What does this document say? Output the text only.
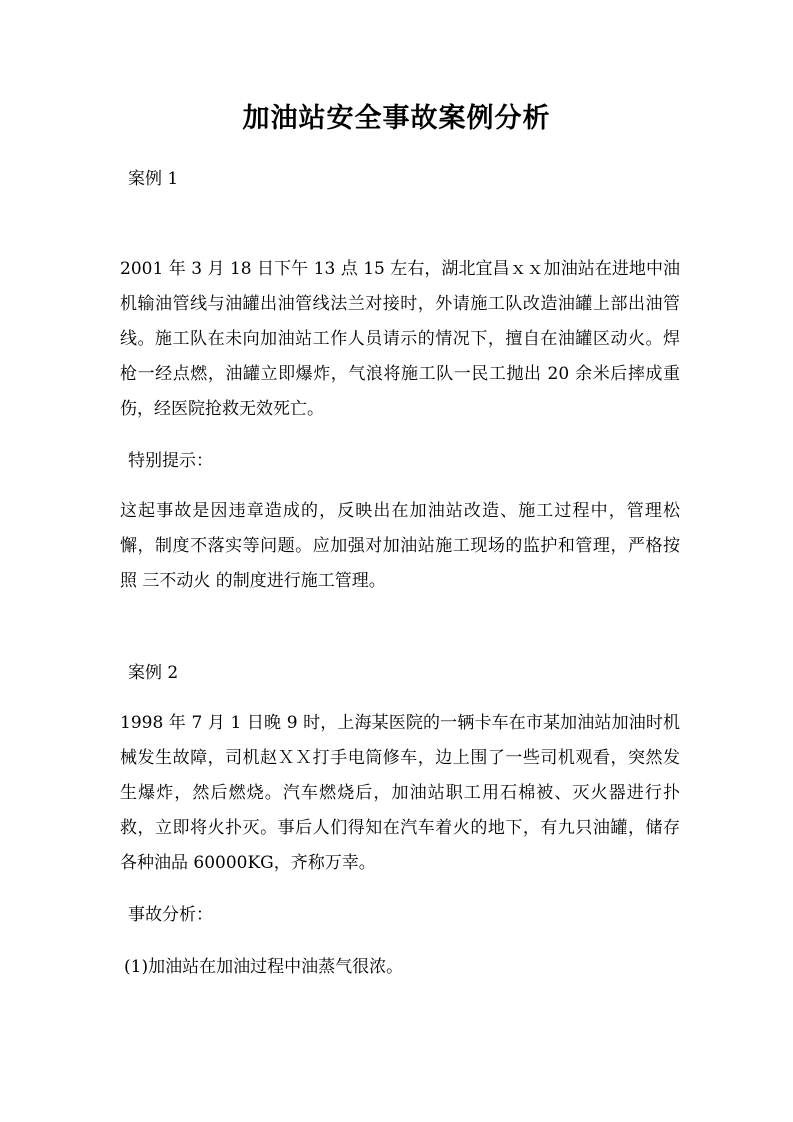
加油站安全事故案例分析

案例 1

2001 年 3 月 18 日下午 13 点 15 左右，湖北宜昌ｘｘ加油站在进地中油机输油管线与油罐出油管线法兰对接时，外请施工队改造油罐上部出油管线。施工队在未向加油站工作人员请示的情况下，擅自在油罐区动火。焊枪一经点燃，油罐立即爆炸，气浪将施工队一民工抛出 20 余米后摔成重伤，经医院抢救无效死亡。

特别提示：

这起事故是因违章造成的，反映出在加油站改造、施工过程中，管理松懈，制度不落实等问题。应加强对加油站施工现场的监护和管理，严格按照 三不动火 的制度进行施工管理。

案例 2

1998 年 7 月 1 日晚 9 时，上海某医院的一辆卡车在市某加油站加油时机械发生故障，司机赵ＸＸ打手电筒修车，边上围了一些司机观看，突然发生爆炸，然后燃烧。汽车燃烧后，加油站职工用石棉被、灭火器进行扑救，立即将火扑灭。事后人们得知在汽车着火的地下，有九只油罐，储存各种油品 60000KG，齐称万幸。

事故分析：

(1)加油站在加油过程中油蒸气很浓。
